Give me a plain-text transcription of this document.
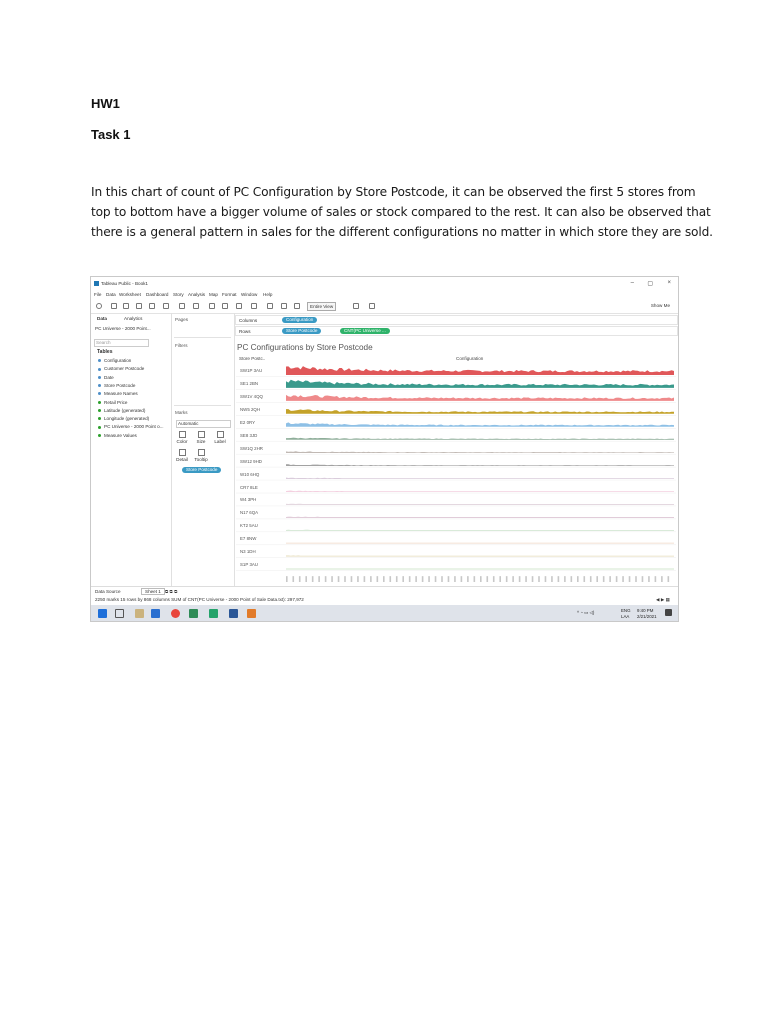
HW1
Task 1
In this chart of count of PC Configuration by Store Postcode, it can be observed the first 5 stores from
top to bottom have a bigger volume of sales or stock compared to the rest. It can also be observed that
there is a general pattern in sales for the different configurations no matter in which store they are sold.
Tableau Public - Book1	– ▢ ×
File Data Worksheet Dashboard Story Analysis Map Format Window Help
Entire View	Show Me
Data	Analytics
PC Universe - 2000 Point...
Search
Tables
Configuration
Customer Postcode
Date
Store Postcode
Measure Names
Retail Price
Latitude (generated)
Longitude (generated)
PC Universe - 2000 Point o...
Measure Values
Pages
Filters
Marks
Automatic
Color	Size	Label
Detail	Tooltip
Store Postcode
Columns	Configuration
Rows	Store Postcode	CNT(PC Universe ...
PC Configurations by Store Postcode
Store Postc..	Configuration
SW1P 3AU
SE1 2BN
SW1V 4QQ
NW5 2QH
E2 0RY
SE8 3JD
SW1Q 2HR
SW12 9HD
W10 6HQ
CR7 8LE
W4 3PH
N17 6QA
KT2 5AU
E7 8NW
N3 1DH
S1P 3AU
Data Source	Sheet 1 ⧉ ⧉ ⧉
2250 marks 15 rows by 868 columns SUM of CNT(PC Universe - 2000 Point of Sale Data.txt): 297,972	◀ ▶ ▦
^ ◔ ▭ ◁)	ENG
LAA
9:40 PM
2/21/2021
